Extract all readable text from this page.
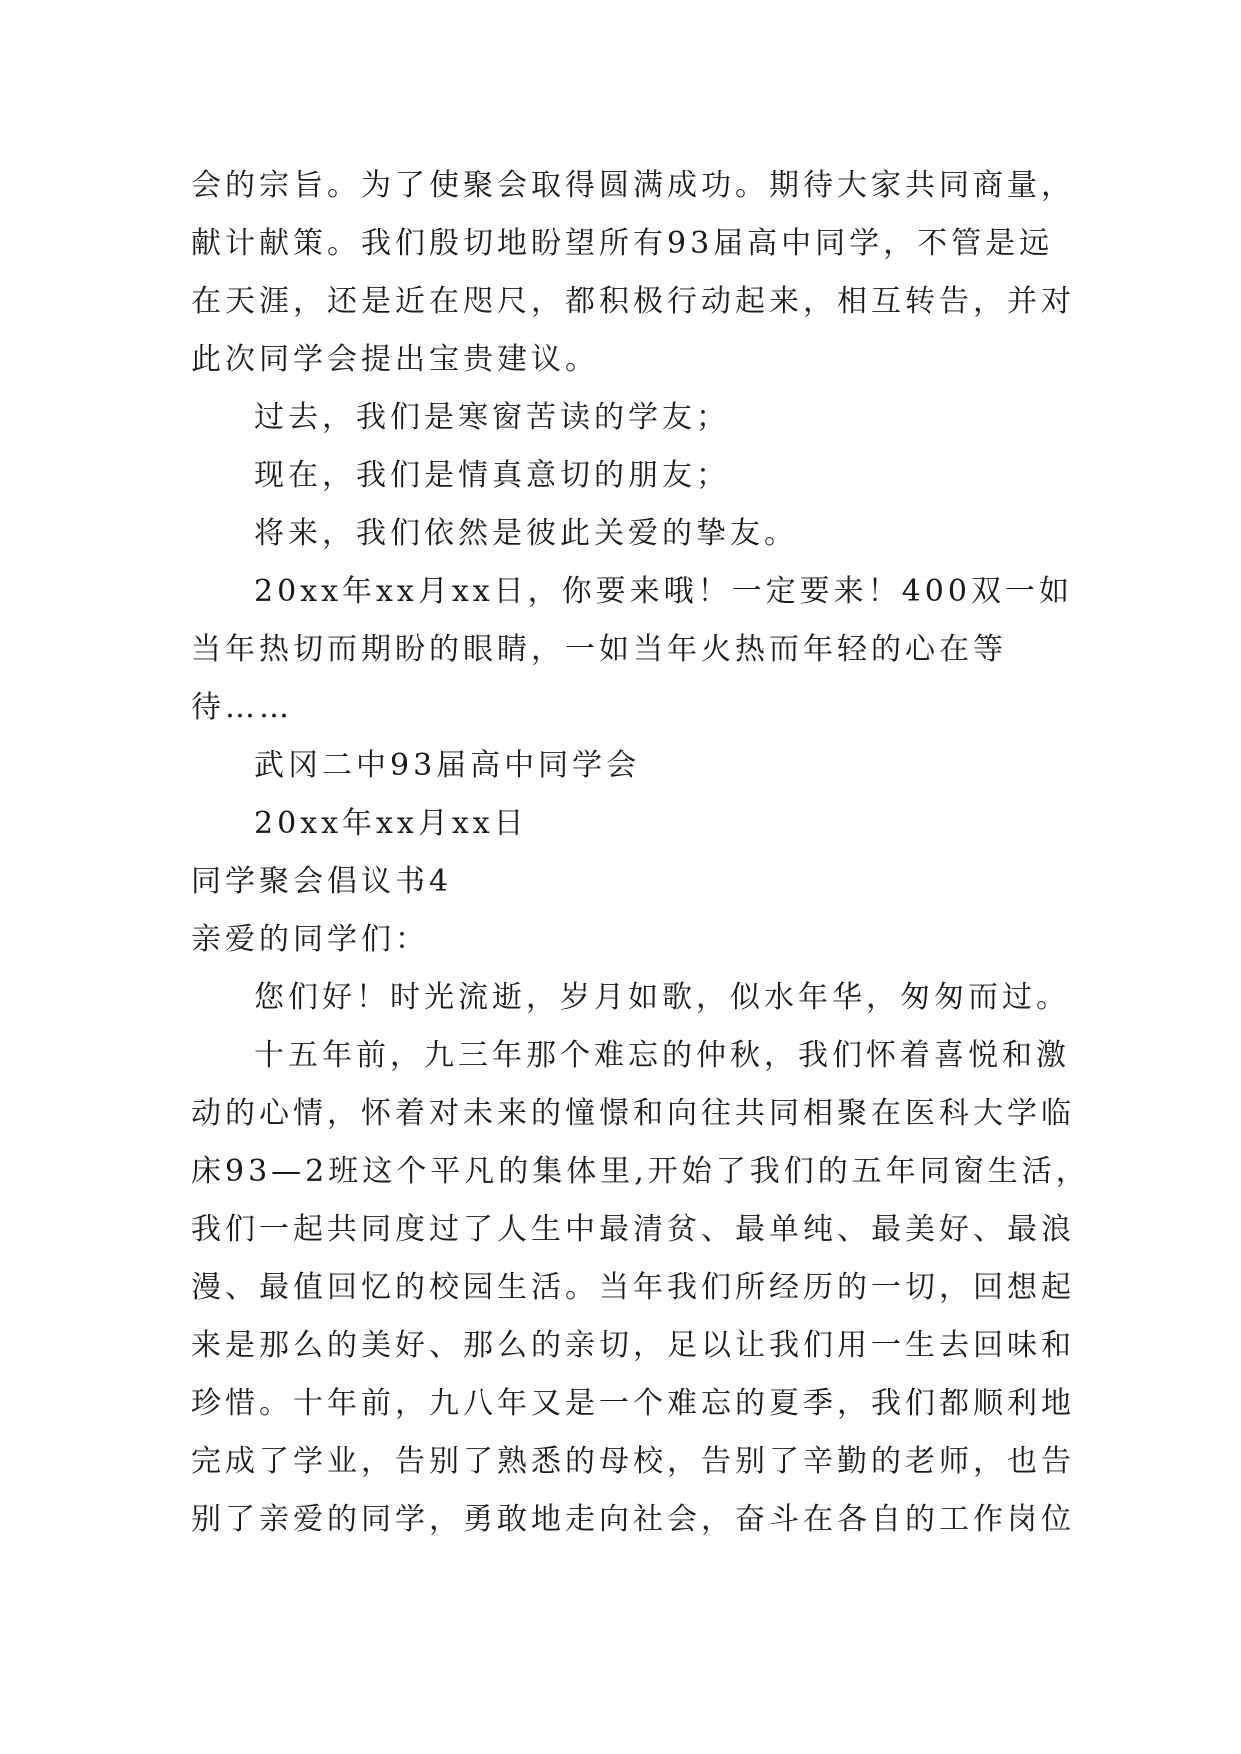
会的宗旨。为了使聚会取得圆满成功。期待大家共同商量，
献计献策。我们殷切地盼望所有93届高中同学，不管是远
在天涯，还是近在咫尺，都积极行动起来，相互转告，并对
此次同学会提出宝贵建议。
过去，我们是寒窗苦读的学友；
现在，我们是情真意切的朋友；
将来，我们依然是彼此关爱的挚友。
20xx年xx月xx日，你要来哦！一定要来！400双一如
当年热切而期盼的眼睛，一如当年火热而年轻的心在等
待……
武冈二中93届高中同学会
20xx年xx月xx日
同学聚会倡议书4
亲爱的同学们：
您们好！时光流逝，岁月如歌，似水年华，匆匆而过。
十五年前，九三年那个难忘的仲秋，我们怀着喜悦和激
动的心情，怀着对未来的憧憬和向往共同相聚在医科大学临
床93—2班这个平凡的集体里,开始了我们的五年同窗生活，
我们一起共同度过了人生中最清贫、最单纯、最美好、最浪
漫、最值回忆的校园生活。当年我们所经历的一切，回想起
来是那么的美好、那么的亲切，足以让我们用一生去回味和
珍惜。十年前，九八年又是一个难忘的夏季，我们都顺利地
完成了学业，告别了熟悉的母校，告别了辛勤的老师，也告
别了亲爱的同学，勇敢地走向社会，奋斗在各自的工作岗位
